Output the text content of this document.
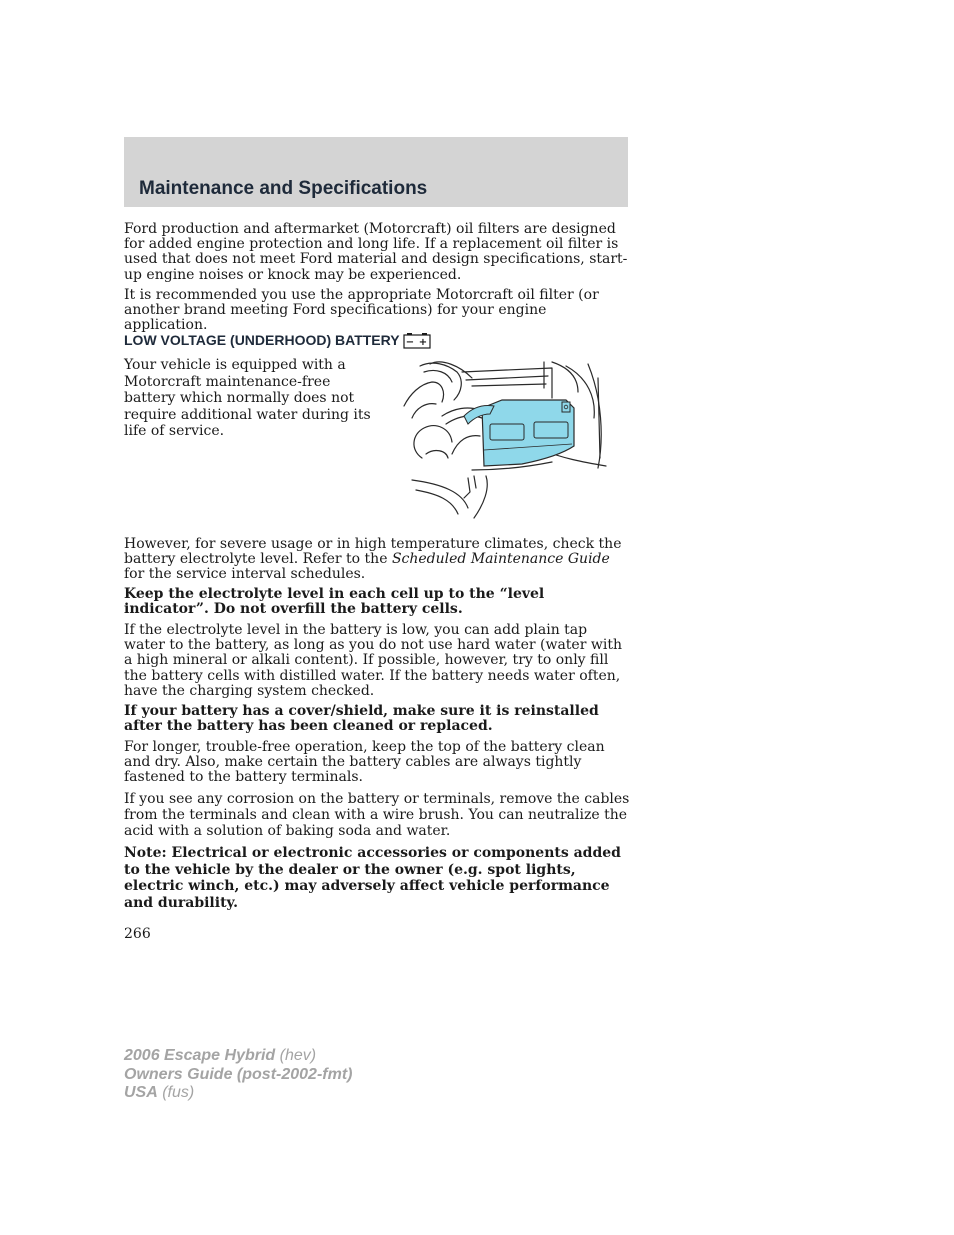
Maintenance and Specifications

Ford production and aftermarket (Motorcraft) oil filters are designed for added engine protection and long life. If a replacement oil filter is used that does not meet Ford material and design specifications, start-up engine noises or knock may be experienced.

It is recommended you use the appropriate Motorcraft oil filter (or another brand meeting Ford specifications) for your engine application.

LOW VOLTAGE (UNDERHOOD) BATTERY − +

Your vehicle is equipped with a Motorcraft maintenance-free battery which normally does not require additional water during its life of service.

However, for severe usage or in high temperature climates, check the battery electrolyte level. Refer to the Scheduled Maintenance Guide for the service interval schedules.

Keep the electrolyte level in each cell up to the “level indicator”. Do not overfill the battery cells.

If the electrolyte level in the battery is low, you can add plain tap water to the battery, as long as you do not use hard water (water with a high mineral or alkali content). If possible, however, try to only fill the battery cells with distilled water. If the battery needs water often, have the charging system checked.

If your battery has a cover/shield, make sure it is reinstalled after the battery has been cleaned or replaced.

For longer, trouble-free operation, keep the top of the battery clean and dry. Also, make certain the battery cables are always tightly fastened to the battery terminals.

If you see any corrosion on the battery or terminals, remove the cables from the terminals and clean with a wire brush. You can neutralize the acid with a solution of baking soda and water.

Note: Electrical or electronic accessories or components added to the vehicle by the dealer or the owner (e.g. spot lights, electric winch, etc.) may adversely affect vehicle performance and durability.

266
2006 Escape Hybrid (hev)
Owners Guide (post-2002-fmt)
USA (fus)
